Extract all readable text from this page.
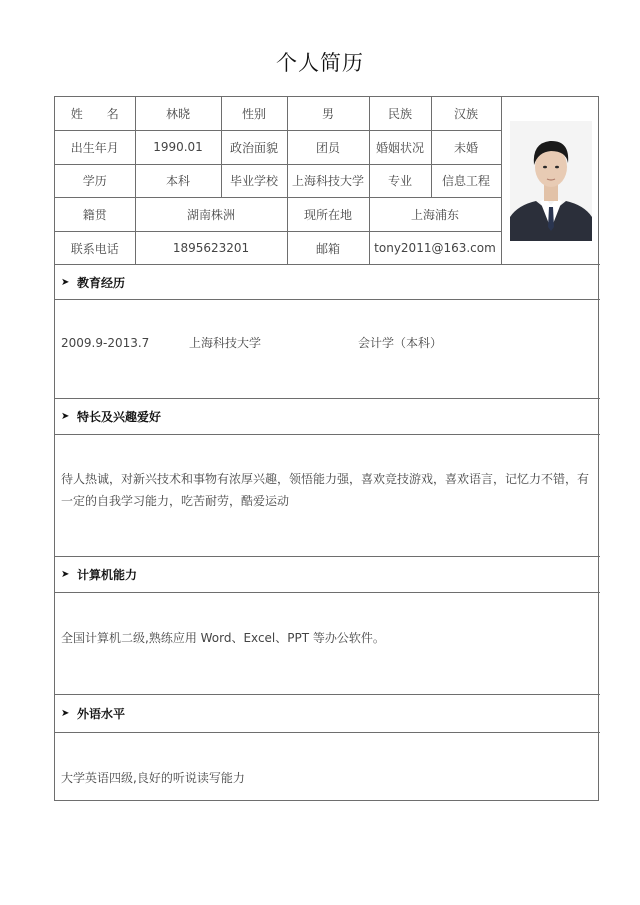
个人简历
姓　　名	林晓	性别	男	民族	汉族	

出生年月	1990.01	政治面貌	团员	婚姻状况	未婚	
学历	本科	毕业学校	上海科技大学	专业	信息工程	
籍贯	湖南株洲		现所在地	上海浦东		
联系电话	1895623201		邮箱	tony2011@163.com		
➤ 教育经历
2009.9-2013.7	上海科技大学	会计学（本科）
➤ 特长及兴趣爱好
待人热诚，对新兴技术和事物有浓厚兴趣，领悟能力强，喜欢竞技游戏，喜欢语言，记忆力不错，有一定的自我学习能力，吃苦耐劳，酷爱运动
➤ 计算机能力
全国计算机二级,熟练应用 Word、Excel、PPT 等办公软件。
➤ 外语水平
大学英语四级,良好的听说读写能力
